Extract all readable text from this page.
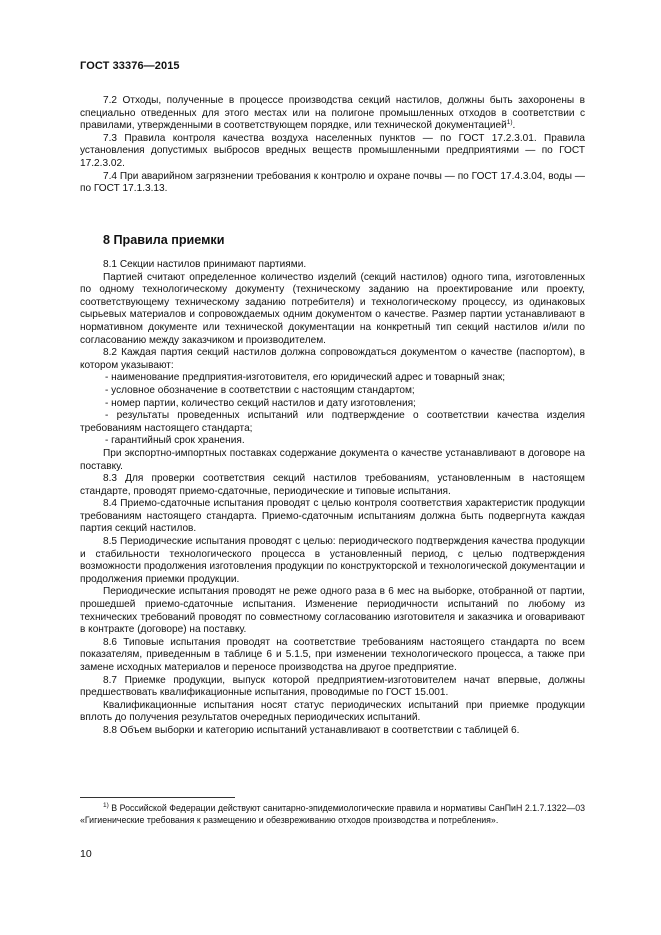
ГОСТ 33376—2015

7.2 Отходы, полученные в процессе производства секций настилов, должны быть захоронены в специально отведенных для этого местах или на полигоне промышленных отходов в соответствии с правилами, утвержденными в соответствующем порядке, или технической документацией$^{1)}$.

7.3 Правила контроля качества воздуха населенных пунктов — по ГОСТ 17.2.3.01. Правила установления допустимых выбросов вредных веществ промышленными предприятиями — по ГОСТ 17.2.3.02.

7.4 При аварийном загрязнении требования к контролю и охране почвы — по ГОСТ 17.4.3.04, воды — по ГОСТ 17.1.3.13.

8 Правила приемки

8.1 Секции настилов принимают партиями.

Партией считают определенное количество изделий (секций настилов) одного типа, изготовленных по одному технологическому документу (техническому заданию на проектирование или проекту, соответствующему техническому заданию потребителя) и технологическому процессу, из одинаковых сырьевых материалов и сопровождаемых одним документом о качестве. Размер партии устанавливают в нормативном документе или технической документации на конкретный тип секций настилов и/или по согласованию между заказчиком и производителем.

8.2 Каждая партия секций настилов должна сопровождаться документом о качестве (паспортом), в котором указывают:

- наименование предприятия-изготовителя, его юридический адрес и товарный знак;

- условное обозначение в соответствии с настоящим стандартом;

- номер партии, количество секций настилов и дату изготовления;

- результаты проведенных испытаний или подтверждение о соответствии качества изделия требованиям настоящего стандарта;

- гарантийный срок хранения.

При экспортно-импортных поставках содержание документа о качестве устанавливают в договоре на поставку.

8.3 Для проверки соответствия секций настилов требованиям, установленным в настоящем стандарте, проводят приемо-сдаточные, периодические и типовые испытания.

8.4 Приемо-сдаточные испытания проводят с целью контроля соответствия характеристик продукции требованиям настоящего стандарта. Приемо-сдаточным испытаниям должна быть подвергнута каждая партия секций настилов.

8.5 Периодические испытания проводят с целью: периодического подтверждения качества продукции и стабильности технологического процесса в установленный период, с целью подтверждения возможности продолжения изготовления продукции по конструкторской и технологической документации и продолжения приемки продукции.

Периодические испытания проводят не реже одного раза в 6 мес на выборке, отобранной от партии, прошедшей приемо-сдаточные испытания. Изменение периодичности испытаний по любому из технических требований проводят по совместному согласованию изготовителя и заказчика и оговаривают в контракте (договоре) на поставку.

8.6 Типовые испытания проводят на соответствие требованиям настоящего стандарта по всем показателям, приведенным в таблице 6 и 5.1.5, при изменении технологического процесса, а также при замене исходных материалов и переносе производства на другое предприятие.

8.7 Приемке продукции, выпуск которой предприятием-изготовителем начат впервые, должны предшествовать квалификационные испытания, проводимые по ГОСТ 15.001.

Квалификационные испытания носят статус периодических испытаний при приемке продукции вплоть до получения результатов очередных периодических испытаний.

8.8 Объем выборки и категорию испытаний устанавливают в соответствии с таблицей 6.

$^{1)}$ В Российской Федерации действуют санитарно-эпидемиологические правила и нормативы СанПиН 2.1.7.1322—03 «Гигиенические требования к размещению и обезвреживанию отходов производства и потребления».

10
